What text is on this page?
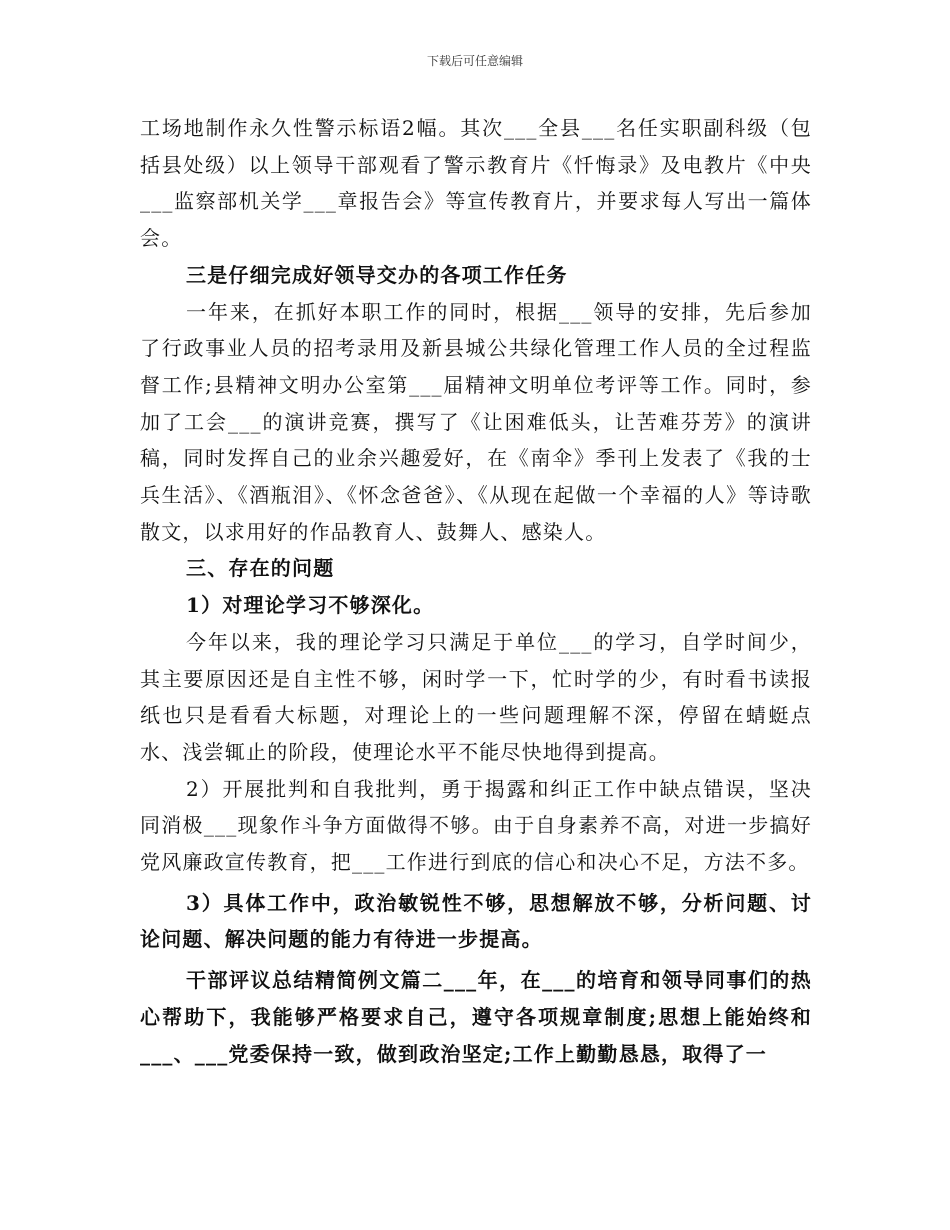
下载后可任意编辑

工场地制作永久性警示标语2幅。其次___全县___名任实职副科级（包括县处级）以上领导干部观看了警示教育片《忏悔录》及电教片《中央___监察部机关学___章报告会》等宣传教育片，并要求每人写出一篇体会。

三是仔细完成好领导交办的各项工作任务

一年来，在抓好本职工作的同时，根据___领导的安排，先后参加了行政事业人员的招考录用及新县城公共绿化管理工作人员的全过程监督工作;县精神文明办公室第___届精神文明单位考评等工作。同时，参加了工会___的演讲竞赛，撰写了《让困难低头，让苦难芬芳》的演讲稿，同时发挥自己的业余兴趣爱好，在《南伞》季刊上发表了《我的士兵生活》、《酒瓶泪》、《怀念爸爸》、《从现在起做一个幸福的人》等诗歌散文，以求用好的作品教育人、鼓舞人、感染人。

三、存在的问题

1）对理论学习不够深化。

今年以来，我的理论学习只满足于单位___的学习，自学时间少，其主要原因还是自主性不够，闲时学一下，忙时学的少，有时看书读报纸也只是看看大标题，对理论上的一些问题理解不深，停留在蜻蜓点水、浅尝辄止的阶段，使理论水平不能尽快地得到提高。

2）开展批判和自我批判，勇于揭露和纠正工作中缺点错误，坚决同消极___现象作斗争方面做得不够。由于自身素养不高，对进一步搞好党风廉政宣传教育，把___工作进行到底的信心和决心不足，方法不多。

3）具体工作中，政治敏锐性不够，思想解放不够，分析问题、讨论问题、解决问题的能力有待进一步提高。

干部评议总结精简例文篇二___年，在___的培育和领导同事们的热心帮助下，我能够严格要求自己，遵守各项规章制度;思想上能始终和___、___党委保持一致，做到政治坚定;工作上勤勤恳恳，取得了一
